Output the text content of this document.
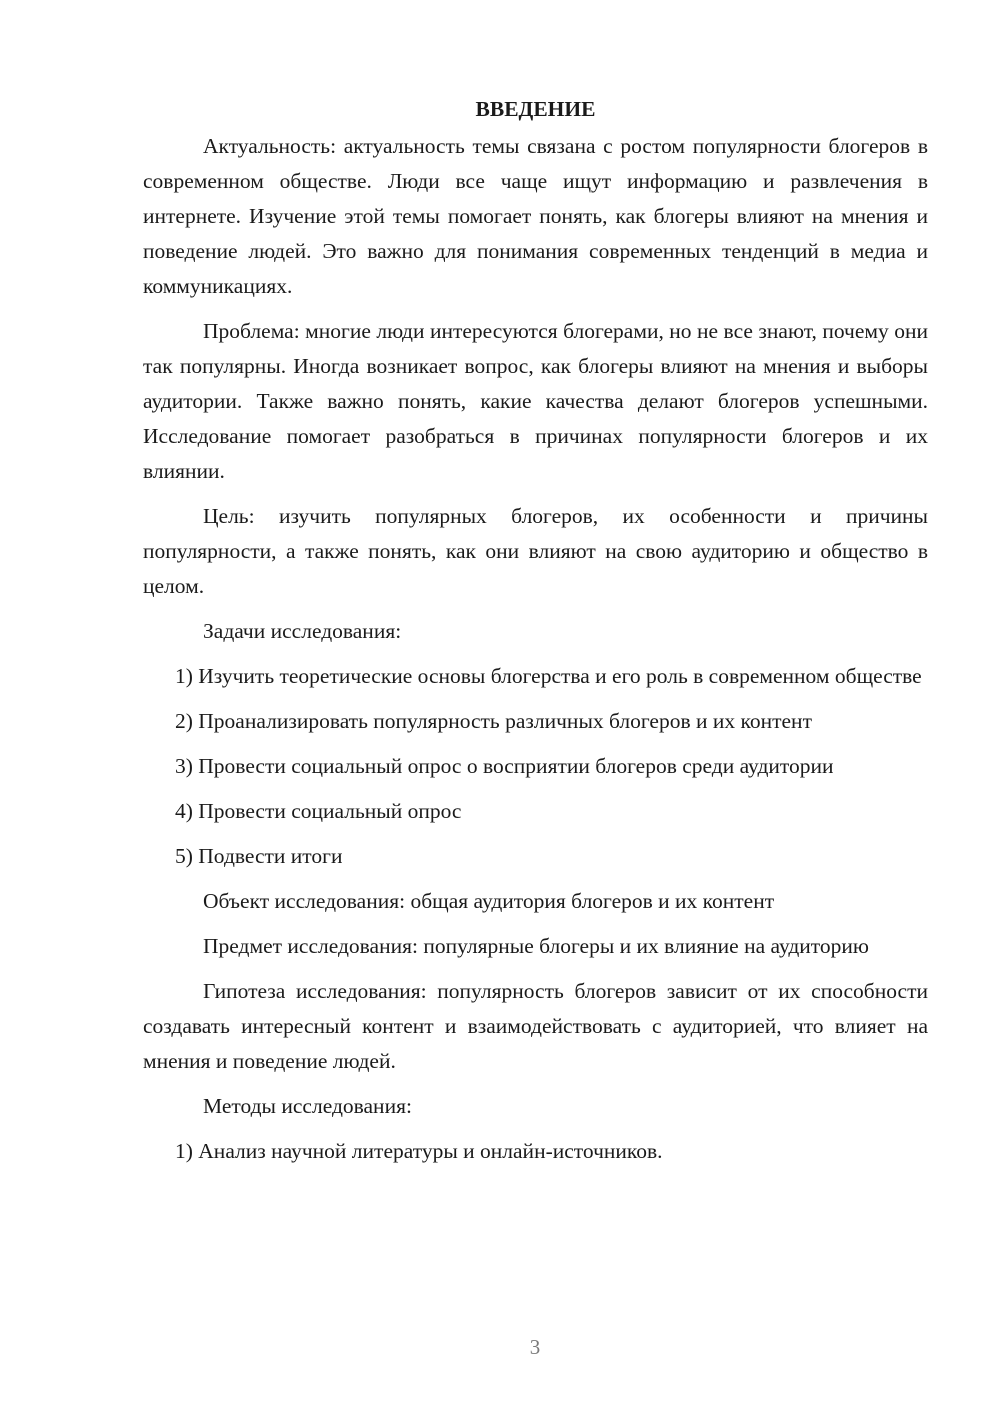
ВВЕДЕНИЕ

Актуальность: актуальность темы связана с ростом популярности блогеров в современном обществе. Люди все чаще ищут информацию и развлечения в интернете. Изучение этой темы помогает понять, как блогеры влияют на мнения и поведение людей. Это важно для понимания современных тенденций в медиа и коммуникациях.

Проблема: многие люди интересуются блогерами, но не все знают, почему они так популярны. Иногда возникает вопрос, как блогеры влияют на мнения и выборы аудитории. Также важно понять, какие качества делают блогеров успешными. Исследование помогает разобраться в причинах популярности блогеров и их влиянии.

Цель: изучить популярных блогеров, их особенности и причины популярности, а также понять, как они влияют на свою аудиторию и общество в целом.

Задачи исследования:

1) Изучить теоретические основы блогерства и его роль в современном обществе

2) Проанализировать популярность различных блогеров и их контент

3) Провести социальный опрос о восприятии блогеров среди аудитории

4) Провести социальный опрос

5) Подвести итоги

Объект исследования: общая аудитория блогеров и их контент

Предмет исследования: популярные блогеры и их влияние на аудиторию

Гипотеза исследования: популярность блогеров зависит от их способности создавать интересный контент и взаимодействовать с аудиторией, что влияет на мнения и поведение людей.

Методы исследования:

1) Анализ научной литературы и онлайн-источников.

3
